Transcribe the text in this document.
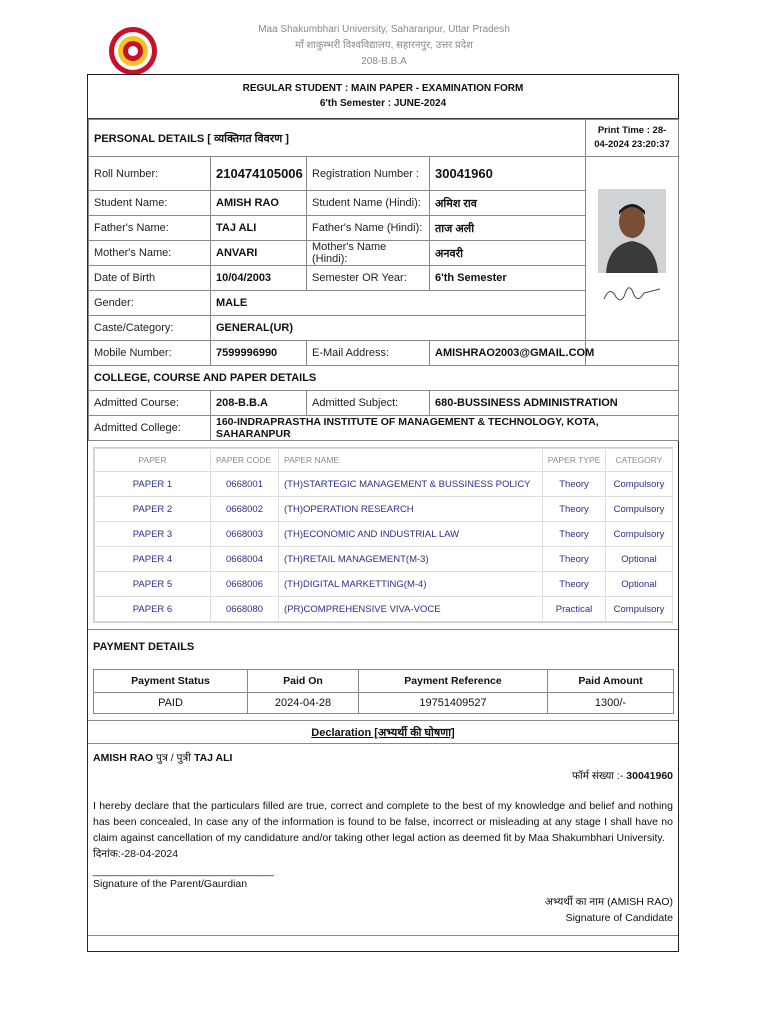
Maa Shakumbhari University, Saharanpur, Uttar Pradesh
माँ शाकुम्भरी विश्वविद्यालय, सहारनपुर, उत्तर प्रदेश
208-B.B.A
REGULAR STUDENT : MAIN PAPER - EXAMINATION FORM
6'th Semester : JUNE-2024
PERSONAL DETAILS [ व्यक्तिगत विवरण ]				Print Time : 28-04-2024 23:20:37
Roll Number:	210474105006	Registration Number :	30041960	

Student Name:	AMISH RAO	Student Name (Hindi):	अमिश राव	
Father's Name:	TAJ ALI	Father's Name (Hindi):	ताज अली	
Mother's Name:	ANVARI	Mother's Name (Hindi):	अनवरी	
Date of Birth	10/04/2003	Semester OR Year:	6'th Semester	
Gender:	MALE			
Caste/Category:	GENERAL(UR)			
Mobile Number:	7599996990	E-Mail Address:	AMISHRAO2003@GMAIL.COM	
COLLEGE, COURSE AND PAPER DETAILS				
Admitted Course:	208-B.B.A	Admitted Subject:	680-BUSSINESS ADMINISTRATION	
Admitted College:	160-INDRAPRASTHA INSTITUTE OF MANAGEMENT & TECHNOLOGY, KOTA, SAHARANPUR			
PAPER	PAPER CODE	PAPER NAME	PAPER TYPE	CATEGORY
PAPER 1	0668001	(TH)STARTEGIC MANAGEMENT & BUSSINESS POLICY	Theory	Compulsory
PAPER 2	0668002	(TH)OPERATION RESEARCH	Theory	Compulsory
PAPER 3	0668003	(TH)ECONOMIC AND INDUSTRIAL LAW	Theory	Compulsory
PAPER 4	0668004	(TH)RETAIL MANAGEMENT(M-3)	Theory	Optional
PAPER 5	0668006	(TH)DIGITAL MARKETTING(M-4)	Theory	Optional
PAPER 6	0668080	(PR)COMPREHENSIVE VIVA-VOCE	Practical	Compulsory
PAYMENT DETAILS
Payment Status	Paid On	Payment Reference	Paid Amount
PAID	2024-04-28	19751409527	1300/-
Declaration [अभ्यर्थी की घोषणा]
AMISH RAO पुत्र / पुत्री TAJ ALI
फॉर्म संख्या :- 30041960

I hereby declare that the particulars filled are true, correct and complete to the best of my knowledge and belief and nothing has been concealed, In case any of the information is found to be false, incorrect or misleading at any stage I shall have no claim against cancellation of my candidature and/or taking other legal action as deemed fit by Maa Shakumbhari University.

दिनांक:-28-04-2024
_______________________________
Signature of the Parent/Gaurdian
अभ्यर्थी का नाम (AMISH RAO)
Signature of Candidate
